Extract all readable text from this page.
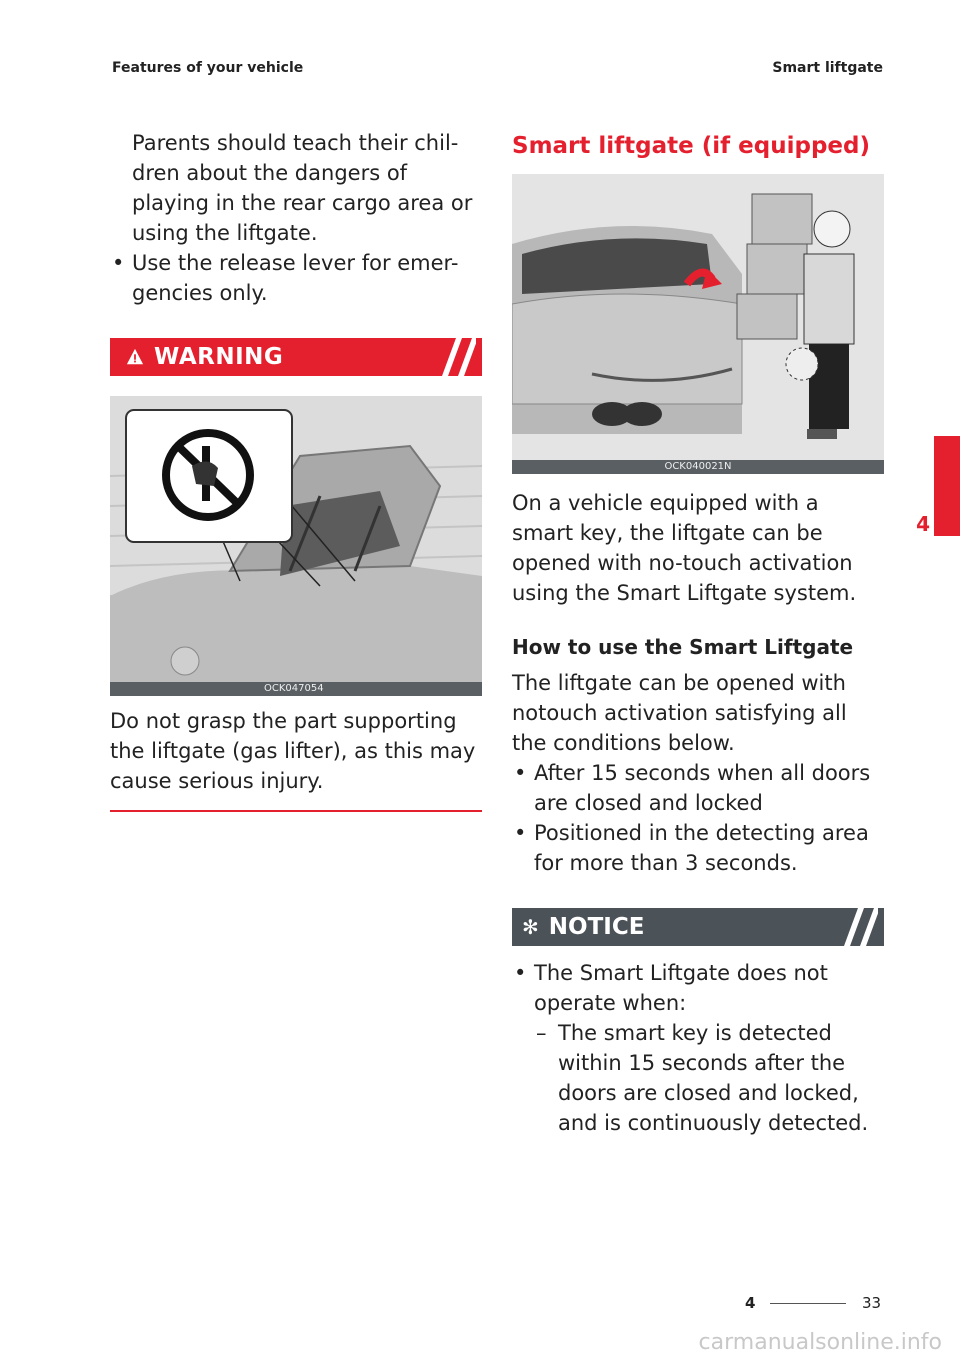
Features of your vehicle	Smart liftgate

Parents should teach their chil-dren about the dangers of playing in the rear cargo area or using the liftgate.

• Use the release lever for emer-gencies only.
WARNING
OCK047054

Do not grasp the part supporting the liftgate (gas lifter), as this may cause serious injury.

Smart liftgate (if equipped)
OCK040021N

On a vehicle equipped with a smart key, the liftgate can be opened with no-touch activation using the Smart Liftgate system.

How to use the Smart Liftgate

The liftgate can be opened with notouch activation satisfying all the conditions below.

• After 15 seconds when all doors are closed and locked
• Positioned in the detecting area for more than 3 seconds.
✻ NOTICE
• The Smart Liftgate does not operate when:
– The smart key is detected within 15 seconds after the doors are closed and locked, and is continuously detected.
4
4	33
carmanualsonline.info
